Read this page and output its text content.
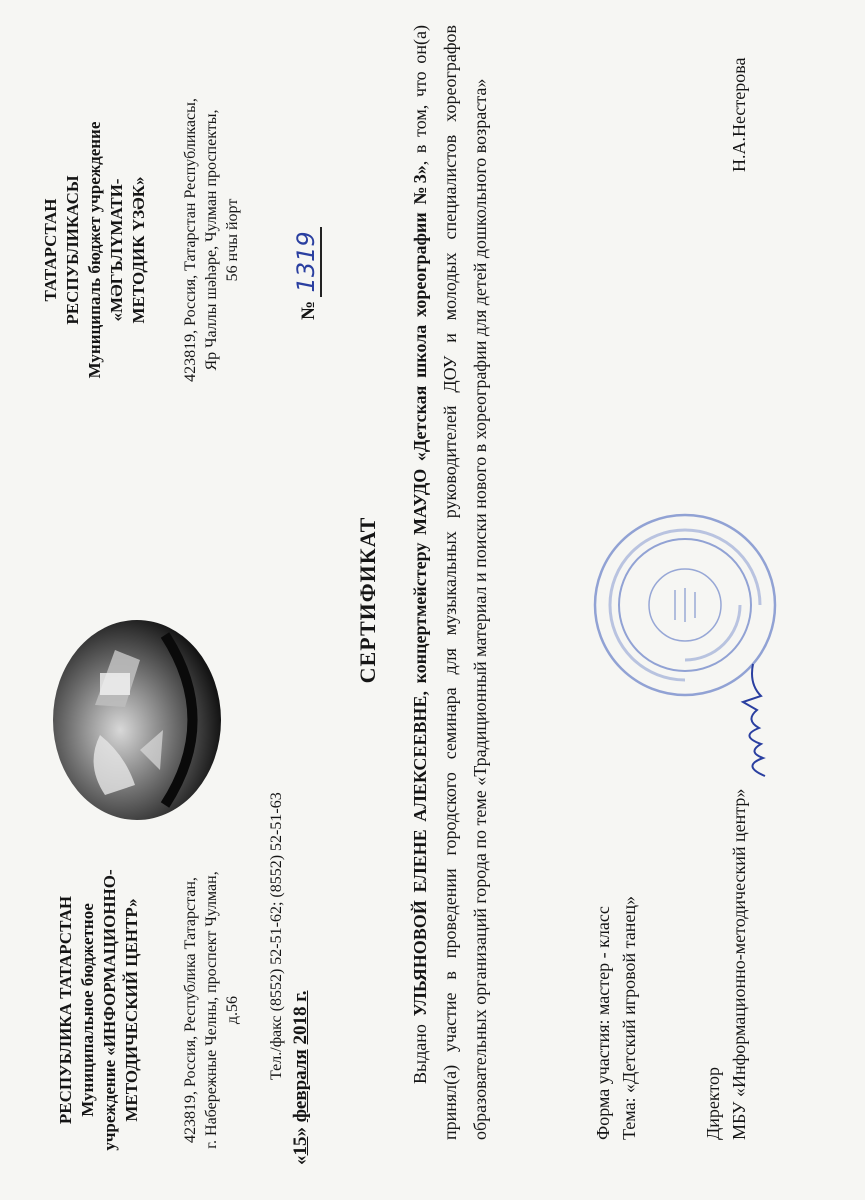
РЕСПУБЛИКА ТАТАРСТАН Муниципальное бюджетное учреждение «ИНФОРМАЦИОННО- МЕТОДИЧЕСКИЙ ЦЕНТР»	423819, Россия, Республика Татарстан, г. Набережные Челны, проспект Чулман, д.56 Тел./факс (8552) 52-51-62; (8552) 52-51-63
ТАТАРСТАН РЕСПУБЛИКАСЫ Муниципаль бюджет учреждение «МӘГЪЛҮМАТИ- МЕТОДИК ҮЗӘК» 423819, Россия, Татарстан Республикасы, Яр Чаллы шәһәре, Чулман проспекты, 56 нчы йорт
«15» февраля 2018 г.
№1319
СЕРТИФИКАТ
Выдано УЛЬЯНОВОЙ ЕЛЕНЕ АЛЕКСЕЕВНЕ, концертмейстеру МАУДО «Детская школа хореографии №3», в том, что он(а) принял(а) участие в проведении городского семинара для музыкальных руководителей ДОУ и молодых специалистов хореографов образовательных организаций города по теме «Традиционный материал и поиски нового в хореографии для детей дошкольного возраста»	Форма участия: мастер - класс Тема: «Детский игровой танец»	Директор МБУ «Информационно-методический центр»
Н.А.Нестерова
